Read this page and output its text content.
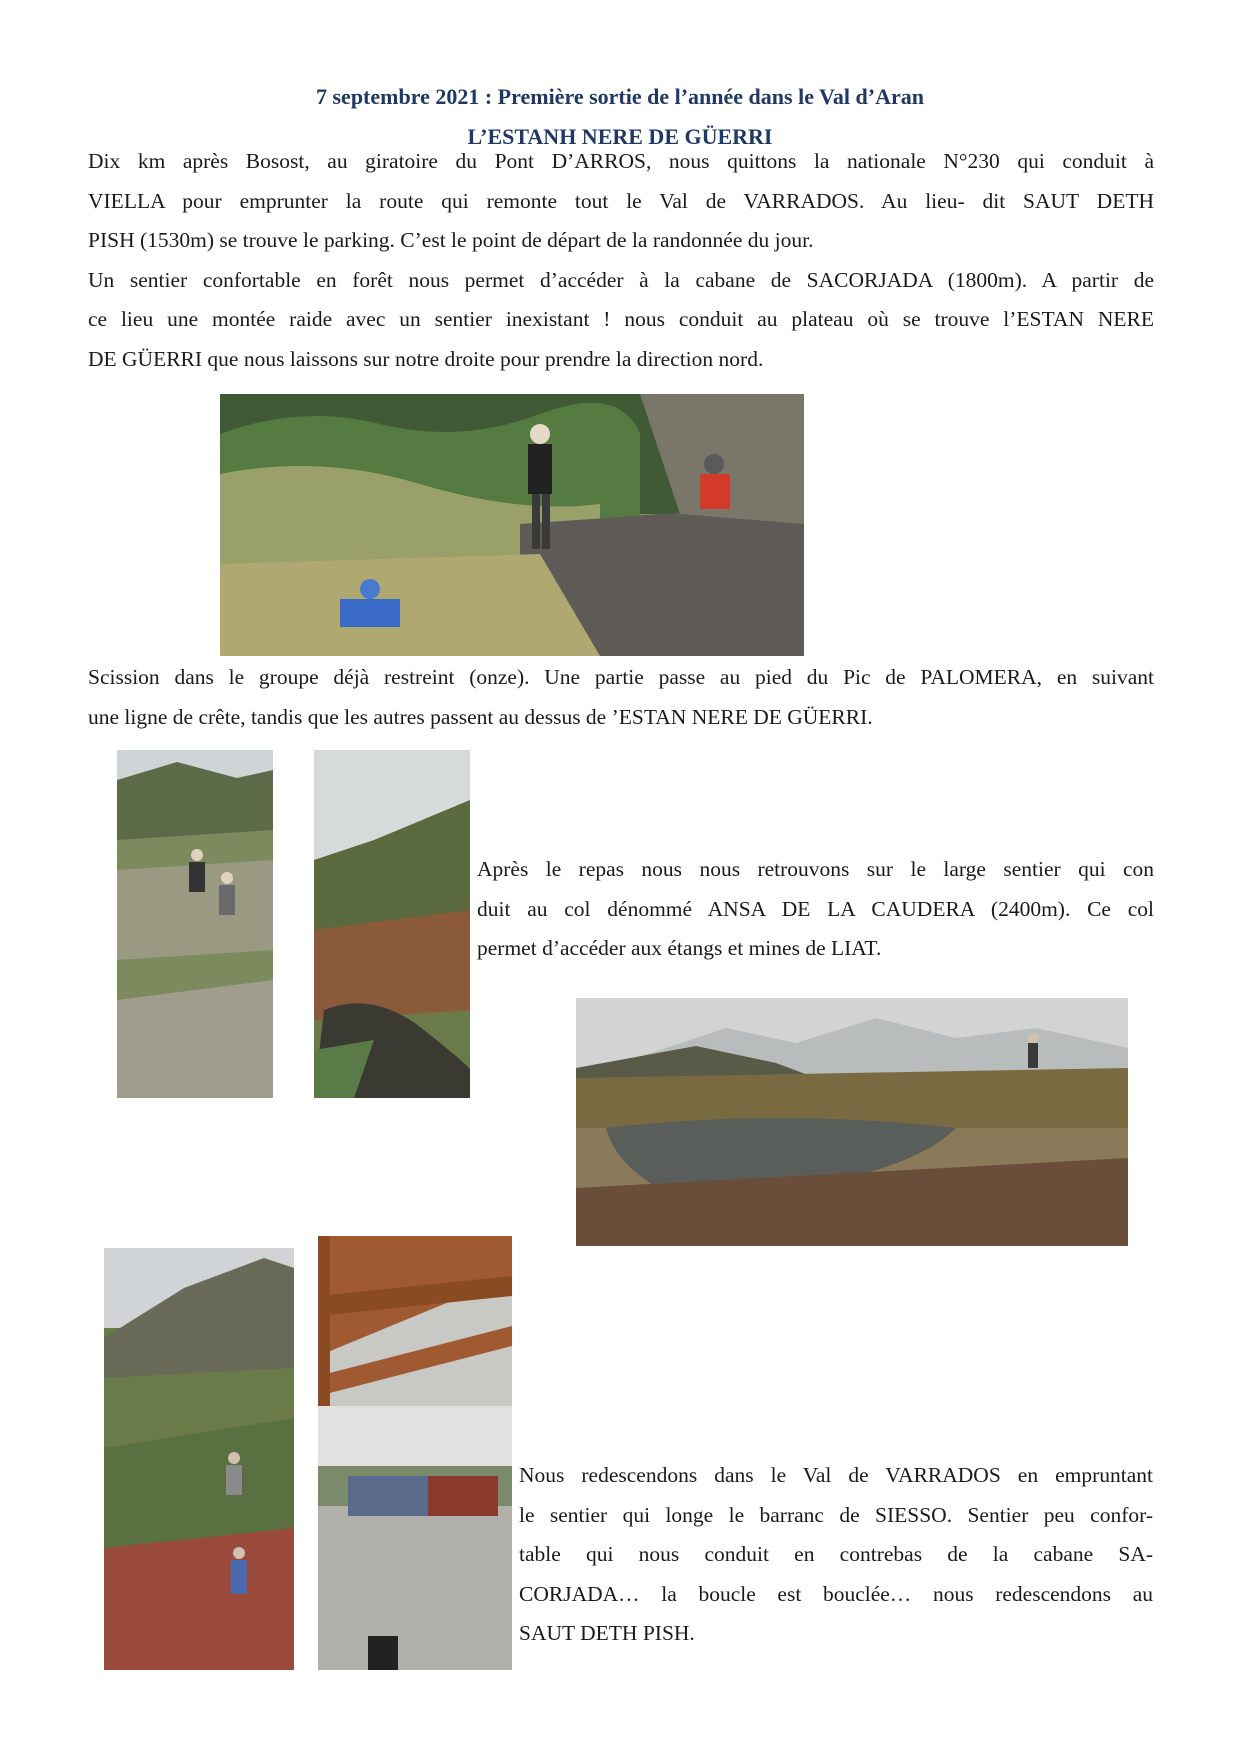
7 septembre 2021 : Première sortie de l’année dans le Val d’Aran
L’ESTANH NERE DE GÜERRI
Dix km après Bosost, au giratoire du Pont D’ARROS, nous quittons la nationale N°230 qui conduit à
VIELLA pour emprunter la route qui remonte tout le Val de VARRADOS. Au lieu- dit SAUT DETH
PISH (1530m) se trouve le parking. C’est le point de départ de la randonnée du jour.
Un sentier confortable en forêt nous permet d’accéder à la cabane de SACORJADA (1800m). A partir de
ce lieu une montée raide avec un sentier inexistant ! nous conduit au plateau où se trouve l’ESTAN NERE
DE GÜERRI que nous laissons sur notre droite pour prendre la direction nord.
Scission dans le groupe déjà restreint (onze). Une partie passe au pied du Pic de PALOMERA, en suivant
une ligne de crête, tandis que les autres passent au dessus de ’ESTAN NERE DE GÜERRI.
Après le repas nous nous retrouvons sur le large sentier qui con
duit au col dénommé ANSA DE LA CAUDERA (2400m). Ce col
permet d’accéder aux étangs et mines de LIAT.
Nous redescendons dans le Val de VARRADOS en empruntant
le sentier qui longe le barranc de SIESSO. Sentier peu confor-
table qui nous conduit en contrebas de la cabane SA-
CORJADA… la boucle est bouclée… nous redescendons au
SAUT DETH PISH.
